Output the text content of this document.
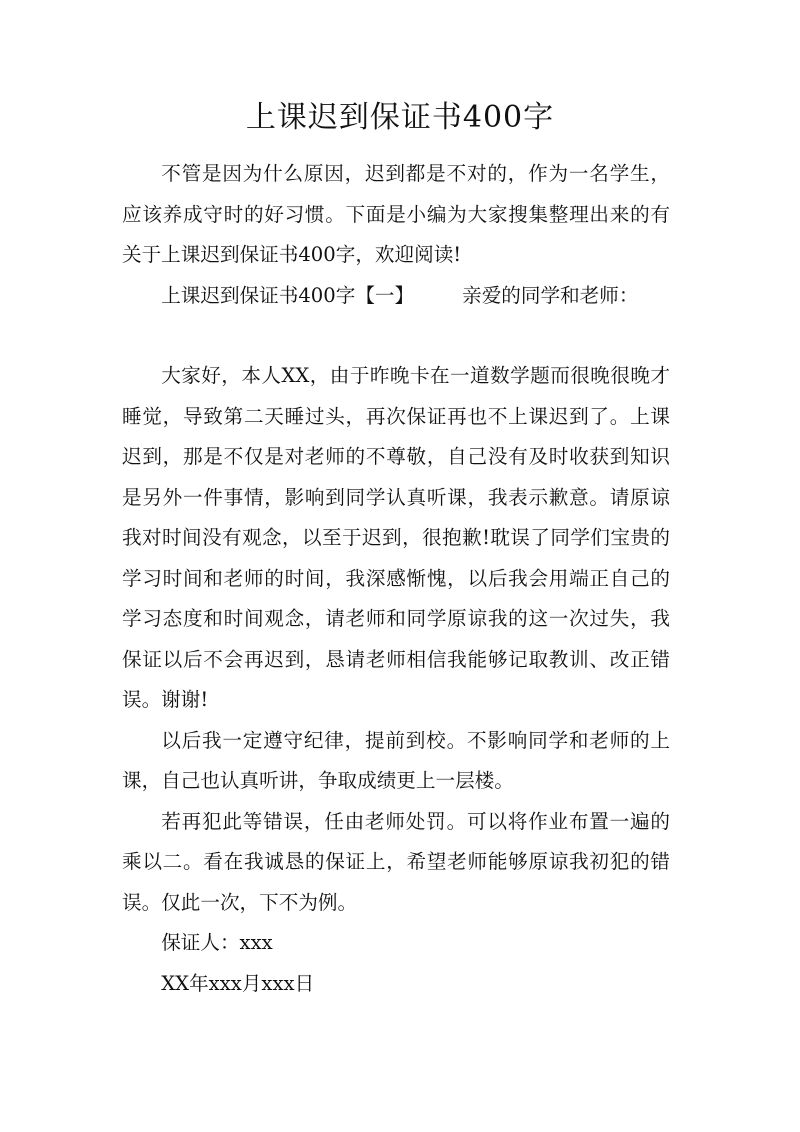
上课迟到保证书400字

不管是因为什么原因，迟到都是不对的，作为一名学生，应该养成守时的好习惯。下面是小编为大家搜集整理出来的有关于上课迟到保证书400字，欢迎阅读!

上课迟到保证书400字【一】 亲爱的同学和老师：

大家好，本人XX，由于昨晚卡在一道数学题而很晚很晚才睡觉，导致第二天睡过头，再次保证再也不上课迟到了。上课迟到，那是不仅是对老师的不尊敬，自己没有及时收获到知识是另外一件事情，影响到同学认真听课，我表示歉意。请原谅我对时间没有观念，以至于迟到，很抱歉!耽误了同学们宝贵的学习时间和老师的时间，我深感惭愧，以后我会用端正自己的学习态度和时间观念，请老师和同学原谅我的这一次过失，我保证以后不会再迟到，恳请老师相信我能够记取教训、改正错误。谢谢!

以后我一定遵守纪律，提前到校。不影响同学和老师的上课，自己也认真听讲，争取成绩更上一层楼。

若再犯此等错误，任由老师处罚。可以将作业布置一遍的乘以二。看在我诚恳的保证上，希望老师能够原谅我初犯的错误。仅此一次，下不为例。

保证人：xxx

XX年xxx月xxx日
